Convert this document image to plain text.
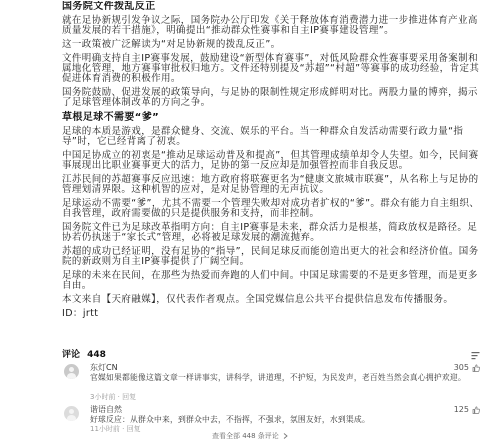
国务院文件拨乱反正

就在足协新规引发争议之际，国务院办公厅印发《关于释放体育消费潜力进一步推进体育产业高质量发展的若干措施》，明确提出“推动群众性赛事和自主IP赛事建设管理”。

这一政策被广泛解读为“对足协新规的拨乱反正”。

文件明确支持自主IP赛事发展，鼓励建设“新型体育赛事”，对低风险群众性赛事要采用备案制和属地化管理，地方赛事审批权归地方。文件还特别提及“苏超”“村超”等赛事的成功经验，肯定其促进体育消费的积极作用。

国务院鼓励、促进发展的政策导向，与足协的限制性规定形成鲜明对比。两股力量的博弈，揭示了足球管理体制改革的方向之争。

草根足球不需要“爹”

足球的本质是游戏，是群众健身、交流、娱乐的平台。当一种群众自发活动需要行政力量“指导”时，它已经背离了初衷。

中国足协成立的初衷是“推动足球运动普及和提高”，但其管理成绩单却令人失望。如今，民间赛事展现出比职业赛事更大的活力，足协的第一反应却是加强管控而非自我反思。

江苏民间的苏超赛事反应迅速：地方政府将联赛更名为“健康文旅城市联赛”，从名称上与足协的管理划清界限。这种机智的应对，是对足协管理的无声抗议。

足球运动不需要“爹”，尤其不需要一个管理失败却对成功者扩权的“爹”。群众有能力自主组织、自我管理，政府需要做的只是提供服务和支持，而非控制。

国务院文件已为足球改革指明方向：自主IP赛事是未来，群众活力是根基，简政放权是路径。足协若仍执迷于“家长式”管理，必将被足球发展的潮流抛弃。

苏超的成功已经证明，没有足协的“指导”，民间足球反而能创造出更大的社会和经济价值。国务院的新政则为自主IP赛事提供了广阔空间。

足球的未来在民间，在那些为热爱而奔跑的人们中间。中国足球需要的不是更多管理，而是更多自由。

本文来自【天府融媒】，仅代表作者观点。全国党媒信息公共平台提供信息发布传播服务。

ID：jrtt

评论 448
东灯CN	305
官媒如果都能像这篇文章一样讲事实，讲科学，讲道理，不护短，为民发声，老百姓当然会真心拥护欢迎。
3小时前 · 回复
谐语自然	125
好球反应：从群众中来，到群众中去，不指挥，不强求，氛围友好，水到渠成。
11小时前 · 回复
查看全部 448 条评论
